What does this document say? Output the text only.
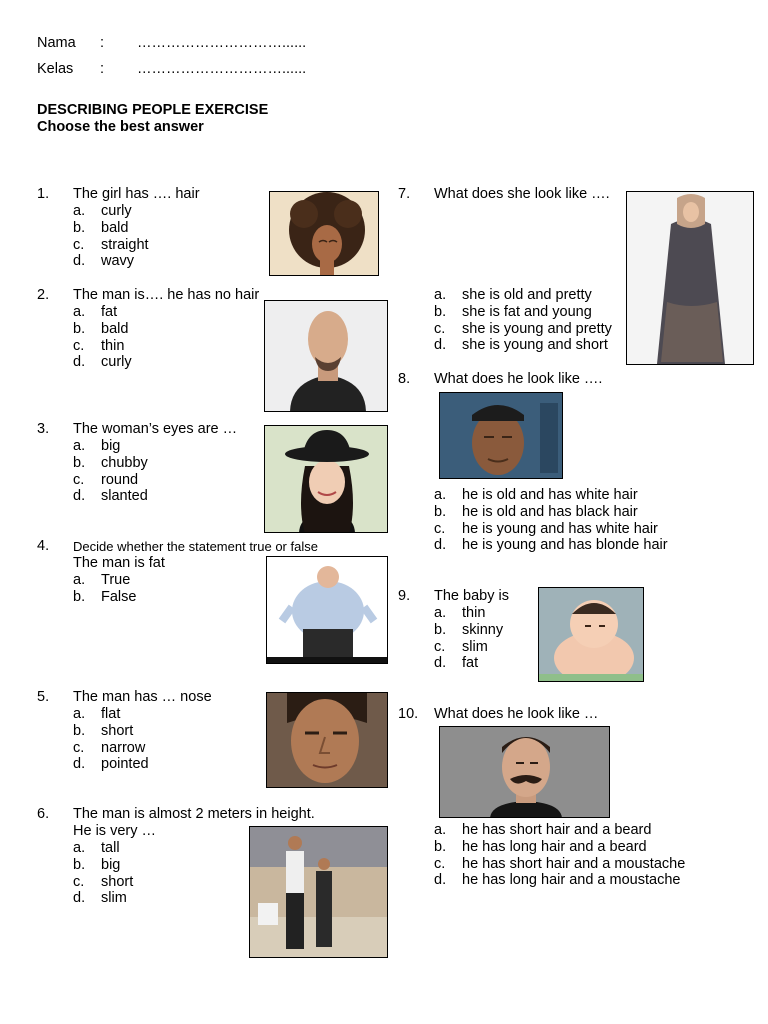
Nama : …………………………......
Kelas : …………………………......
DESCRIBING PEOPLE EXERCISE
Choose the best answer
1. The girl has …. hair
a. curly
b. bald
c. straight
d. wavy
2. The man is…. he has no hair
a. fat
b. bald
c. thin
d. curly
3. The woman’s eyes are …
a. big
b. chubby
c. round
d. slanted
4. Decide whether the statement true or false
The man is fat
a. True
b. False
5. The man has … nose
a. flat
b. short
c. narrow
d. pointed
6. The man is almost 2 meters in height.
He is very …
a. tall
b. big
c. short
d. slim
7. What does she look like ….
a. she is old and pretty
b. she is fat and young
c. she is young and pretty
d. she is young and short
8. What does he look like ….
a. he is old and has white hair
b. he is old and has black hair
c. he is young and has white hair
d. he is young and has blonde hair
9. The baby is
a. thin
b. skinny
c. slim
d. fat
10. What does he look like …
a. he has short hair and a beard
b. he has long hair and a beard
c. he has short hair and a moustache
d. he has long hair and a moustache
